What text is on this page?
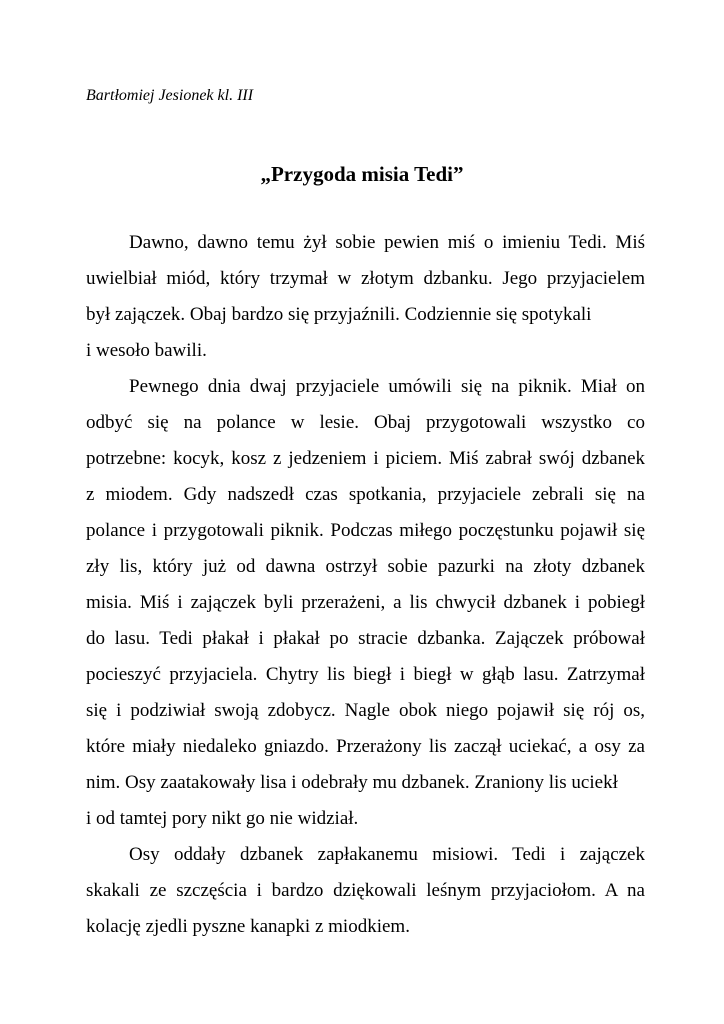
Bartłomiej Jesionek kl. III
„Przygoda misia Tedi”
Dawno, dawno temu żył sobie pewien miś o imieniu Tedi. Miś
uwielbiał miód, który trzymał w złotym dzbanku. Jego przyjacielem
był zajączek. Obaj bardzo się przyjaźnili. Codziennie się spotykali
i wesoło bawili.
Pewnego dnia dwaj przyjaciele umówili się na piknik. Miał on
odbyć się na polance w lesie. Obaj przygotowali wszystko co
potrzebne: kocyk, kosz z jedzeniem i piciem. Miś zabrał swój dzbanek
z miodem. Gdy nadszedł czas spotkania, przyjaciele zebrali się na
polance i przygotowali piknik. Podczas miłego poczęstunku pojawił się
zły lis, który już od dawna ostrzył sobie pazurki na złoty dzbanek
misia. Miś i zajączek byli przerażeni, a lis chwycił dzbanek i pobiegł
do lasu. Tedi płakał i płakał po stracie dzbanka. Zajączek próbował
pocieszyć przyjaciela. Chytry lis biegł i biegł w głąb lasu. Zatrzymał
się i podziwiał swoją zdobycz. Nagle obok niego pojawił się rój os,
które miały niedaleko gniazdo. Przerażony lis zaczął uciekać, a osy za
nim. Osy zaatakowały lisa i odebrały mu dzbanek. Zraniony lis uciekł
i od tamtej pory nikt go nie widział.
Osy oddały dzbanek zapłakanemu misiowi. Tedi i zajączek
skakali ze szczęścia i bardzo dziękowali leśnym przyjaciołom. A na
kolację zjedli pyszne kanapki z miodkiem.
